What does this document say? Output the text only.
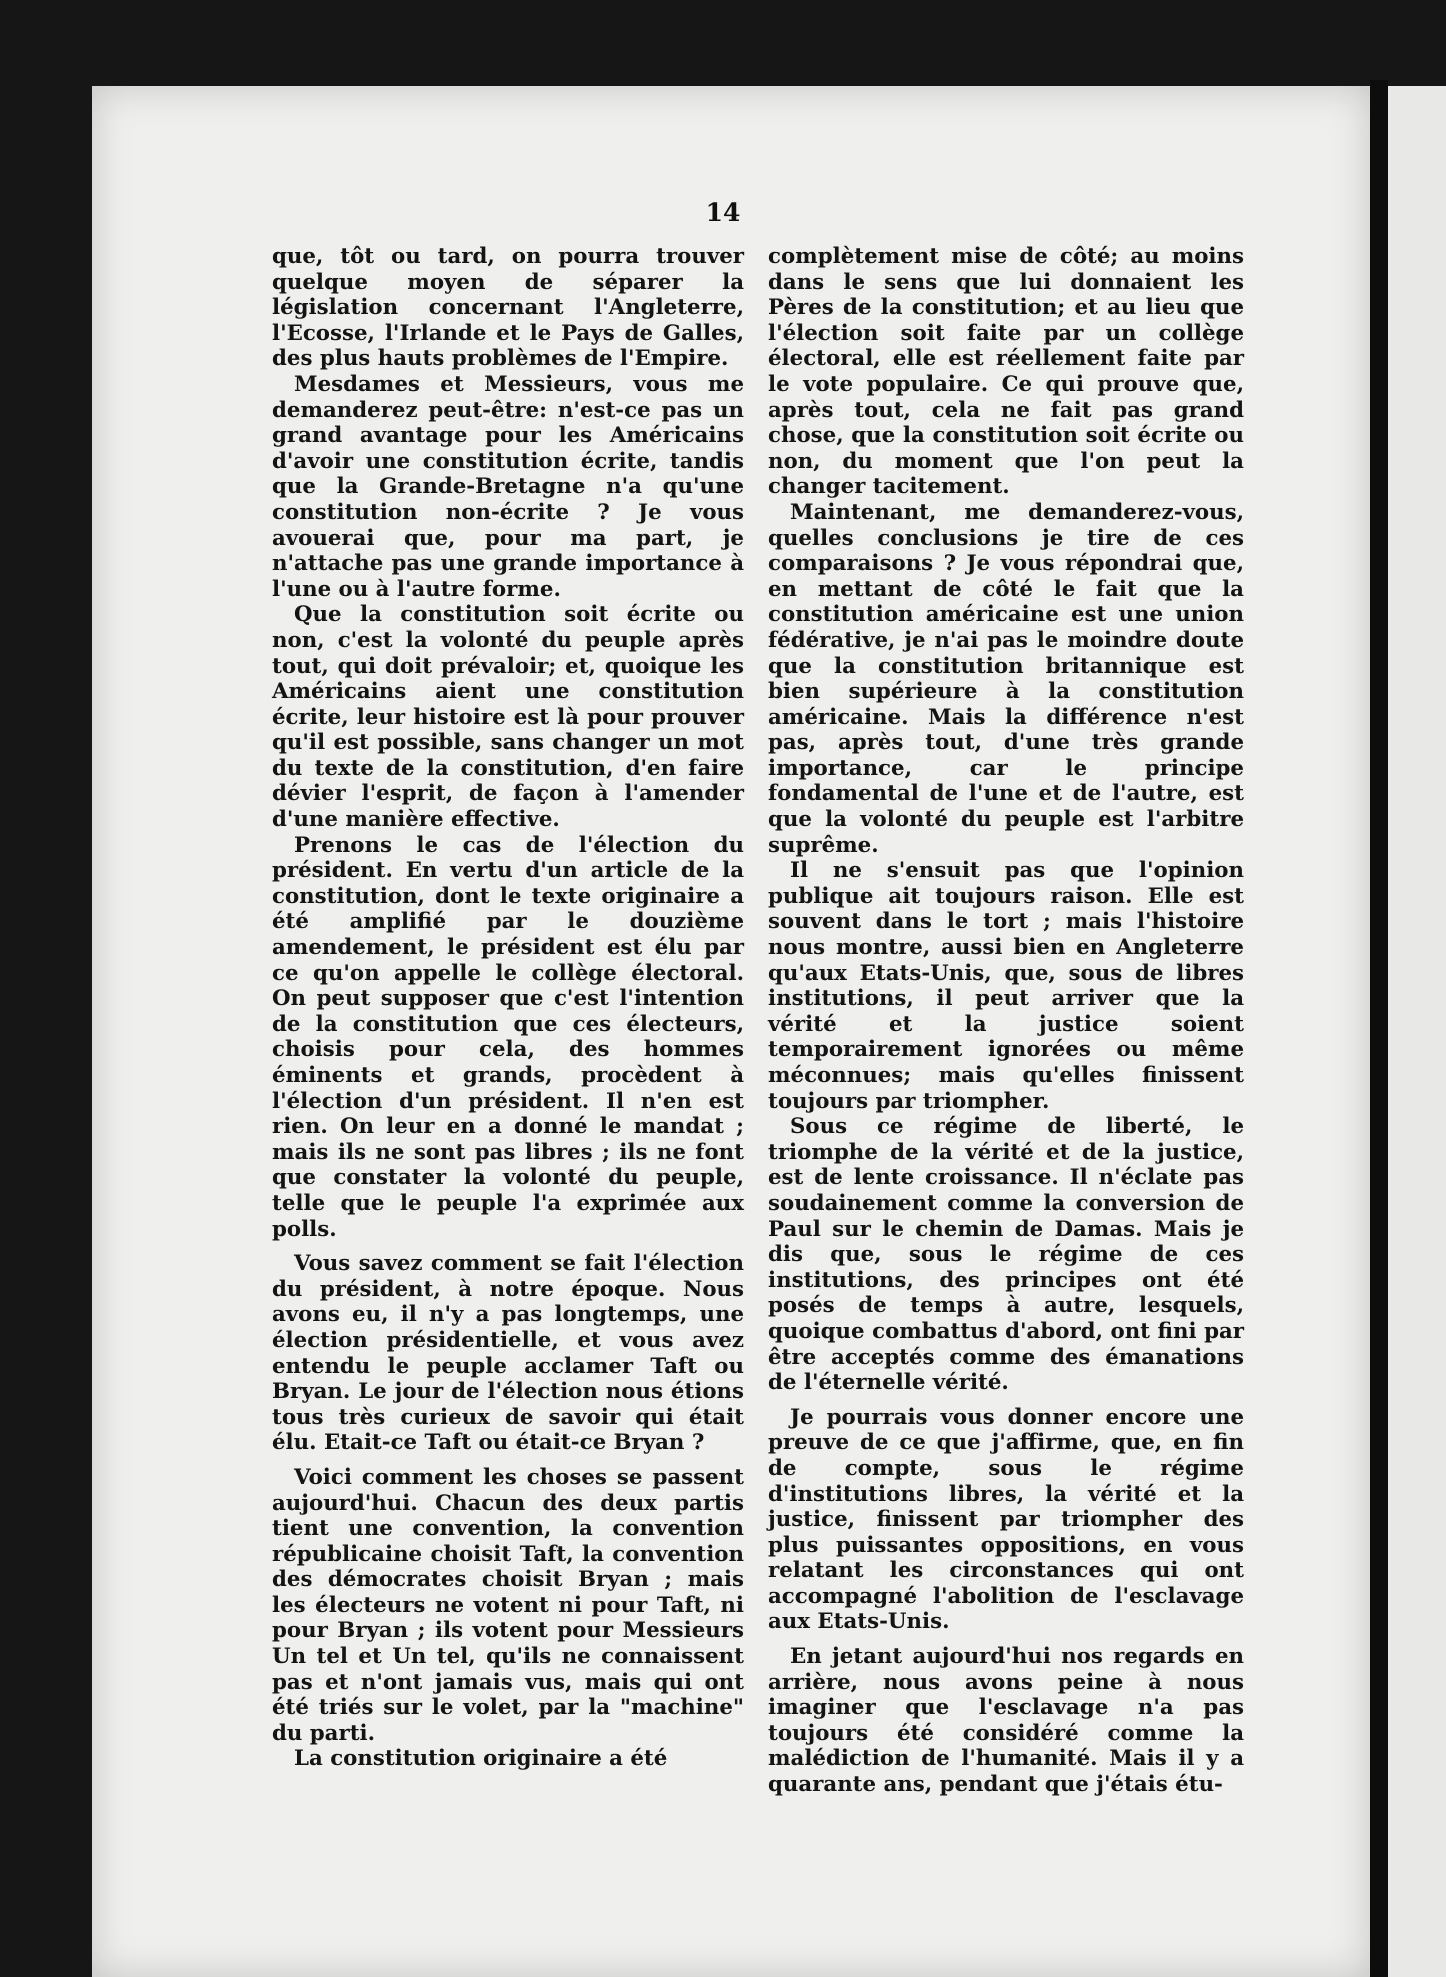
14

que, tôt ou tard, on pourra trouver quelque moyen de séparer la législation concernant l'Angleterre, l'Ecosse, l'Irlande et le Pays de Galles, des plus hauts problèmes de l'Empire.

Mesdames et Messieurs, vous me demanderez peut-être: n'est-ce pas un grand avantage pour les Américains d'avoir une constitution écrite, tandis que la Grande-Bretagne n'a qu'une constitution non-écrite ? Je vous avouerai que, pour ma part, je n'attache pas une grande importance à l'une ou à l'autre forme.

Que la constitution soit écrite ou non, c'est la volonté du peuple après tout, qui doit prévaloir; et, quoique les Américains aient une constitution écrite, leur histoire est là pour prouver qu'il est possible, sans changer un mot du texte de la constitution, d'en faire dévier l'esprit, de façon à l'amender d'une manière effective.

Prenons le cas de l'élection du président. En vertu d'un article de la constitution, dont le texte originaire a été amplifié par le douzième amendement, le président est élu par ce qu'on appelle le collège électoral. On peut supposer que c'est l'intention de la constitution que ces électeurs, choisis pour cela, des hommes éminents et grands, procèdent à l'élection d'un président. Il n'en est rien. On leur en a donné le mandat ; mais ils ne sont pas libres ; ils ne font que constater la volonté du peuple, telle que le peuple l'a exprimée aux polls.

Vous savez comment se fait l'élection du président, à notre époque. Nous avons eu, il n'y a pas longtemps, une élection présidentielle, et vous avez entendu le peuple acclamer Taft ou Bryan. Le jour de l'élection nous étions tous très curieux de savoir qui était élu. Etait-ce Taft ou était-ce Bryan ?

Voici comment les choses se passent aujourd'hui. Chacun des deux partis tient une convention, la convention républicaine choisit Taft, la convention des démocrates choisit Bryan ; mais les électeurs ne votent ni pour Taft, ni pour Bryan ; ils votent pour Messieurs Un tel et Un tel, qu'ils ne connaissent pas et n'ont jamais vus, mais qui ont été triés sur le volet, par la "machine" du parti.

La constitution originaire a été

complètement mise de côté; au moins dans le sens que lui donnaient les Pères de la constitution; et au lieu que l'élection soit faite par un collège électoral, elle est réellement faite par le vote populaire. Ce qui prouve que, après tout, cela ne fait pas grand chose, que la constitution soit écrite ou non, du moment que l'on peut la changer tacitement.

Maintenant, me demanderez-vous, quelles conclusions je tire de ces comparaisons ? Je vous répondrai que, en mettant de côté le fait que la constitution américaine est une union fédérative, je n'ai pas le moindre doute que la constitution britannique est bien supérieure à la constitution américaine. Mais la différence n'est pas, après tout, d'une très grande importance, car le principe fondamental de l'une et de l'autre, est que la volonté du peuple est l'arbitre suprême.

Il ne s'ensuit pas que l'opinion publique ait toujours raison. Elle est souvent dans le tort ; mais l'histoire nous montre, aussi bien en Angleterre qu'aux Etats-Unis, que, sous de libres institutions, il peut arriver que la vérité et la justice soient temporairement ignorées ou même méconnues; mais qu'elles finissent toujours par triompher.

Sous ce régime de liberté, le triomphe de la vérité et de la justice, est de lente croissance. Il n'éclate pas soudainement comme la conversion de Paul sur le chemin de Damas. Mais je dis que, sous le régime de ces institutions, des principes ont été posés de temps à autre, lesquels, quoique combattus d'abord, ont fini par être acceptés comme des émanations de l'éternelle vérité.

Je pourrais vous donner encore une preuve de ce que j'affirme, que, en fin de compte, sous le régime d'institutions libres, la vérité et la justice, finissent par triompher des plus puissantes oppositions, en vous relatant les circonstances qui ont accompagné l'abolition de l'esclavage aux Etats-Unis.

En jetant aujourd'hui nos regards en arrière, nous avons peine à nous imaginer que l'esclavage n'a pas toujours été considéré comme la malédiction de l'humanité. Mais il y a quarante ans, pendant que j'étais étu-
